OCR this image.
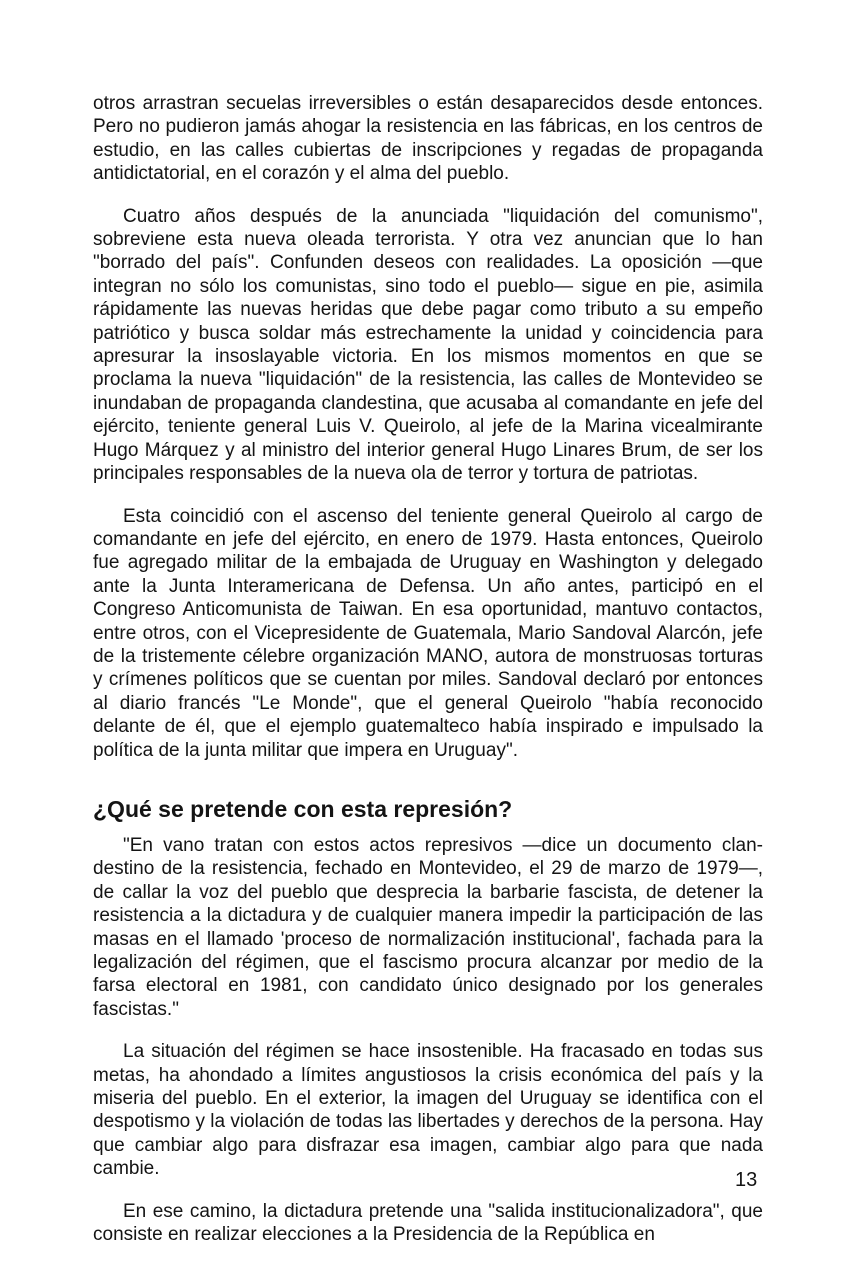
otros arrastran secuelas irreversibles o están desaparecidos desde entonces. Pero no pudieron jamás ahogar la resistencia en las fábricas, en los centros de estudio, en las calles cubiertas de inscripciones y regadas de propaganda antidictatorial, en el corazón y el alma del pueblo.

Cuatro años después de la anunciada "liquidación del comunismo", sobreviene esta nueva oleada terrorista. Y otra vez anuncian que lo han "borrado del país". Confunden deseos con realidades. La oposición —que integran no sólo los comunistas, sino todo el pueblo— sigue en pie, asimila rápidamente las nuevas heridas que debe pagar como tributo a su empeño patriótico y busca soldar más estrechamente la unidad y coincidencia para apresurar la insoslayable victoria. En los mismos momentos en que se proclama la nueva "liquidación" de la resistencia, las calles de Montevideo se inundaban de propaganda clandestina, que acusaba al comandante en jefe del ejército, teniente general Luis V. Queirolo, al jefe de la Marina vicealmirante Hugo Márquez y al ministro del interior general Hugo Linares Brum, de ser los principales responsables de la nueva ola de terror y tortura de patriotas.

Esta coincidió con el ascenso del teniente general Queirolo al cargo de comandante en jefe del ejército, en enero de 1979. Hasta entonces, Queirolo fue agregado militar de la embajada de Uruguay en Washington y delegado ante la Junta Interamericana de Defensa. Un año antes, participó en el Congreso Anticomunista de Taiwan. En esa oportunidad, mantuvo contactos, entre otros, con el Vicepresidente de Guatemala, Mario Sandoval Alarcón, jefe de la tristemente célebre organización MANO, autora de monstruosas torturas y crímenes políticos que se cuentan por miles. Sandoval declaró por entonces al diario francés "Le Monde", que el general Queirolo "había reconocido delante de él, que el ejemplo guatemalteco había inspirado e impulsado la política de la junta militar que impera en Uruguay".

¿Qué se pretende con esta represión?

"En vano tratan con estos actos represivos —dice un documento clandestino de la resistencia, fechado en Montevideo, el 29 de marzo de 1979—, de callar la voz del pueblo que desprecia la barbarie fascista, de detener la resistencia a la dictadura y de cualquier manera impedir la participación de las masas en el llamado 'proceso de normalización institucional', fachada para la legalización del régimen, que el fascismo procura alcanzar por medio de la farsa electoral en 1981, con candidato único designado por los generales fascistas."

La situación del régimen se hace insostenible. Ha fracasado en todas sus metas, ha ahondado a límites angustiosos la crisis económica del país y la miseria del pueblo. En el exterior, la imagen del Uruguay se identifica con el despotismo y la violación de todas las libertades y derechos de la persona. Hay que cambiar algo para disfrazar esa imagen, cambiar algo para que nada cambie.

En ese camino, la dictadura pretende una "salida institucionalizadora", que consiste en realizar elecciones a la Presidencia de la República en

13
